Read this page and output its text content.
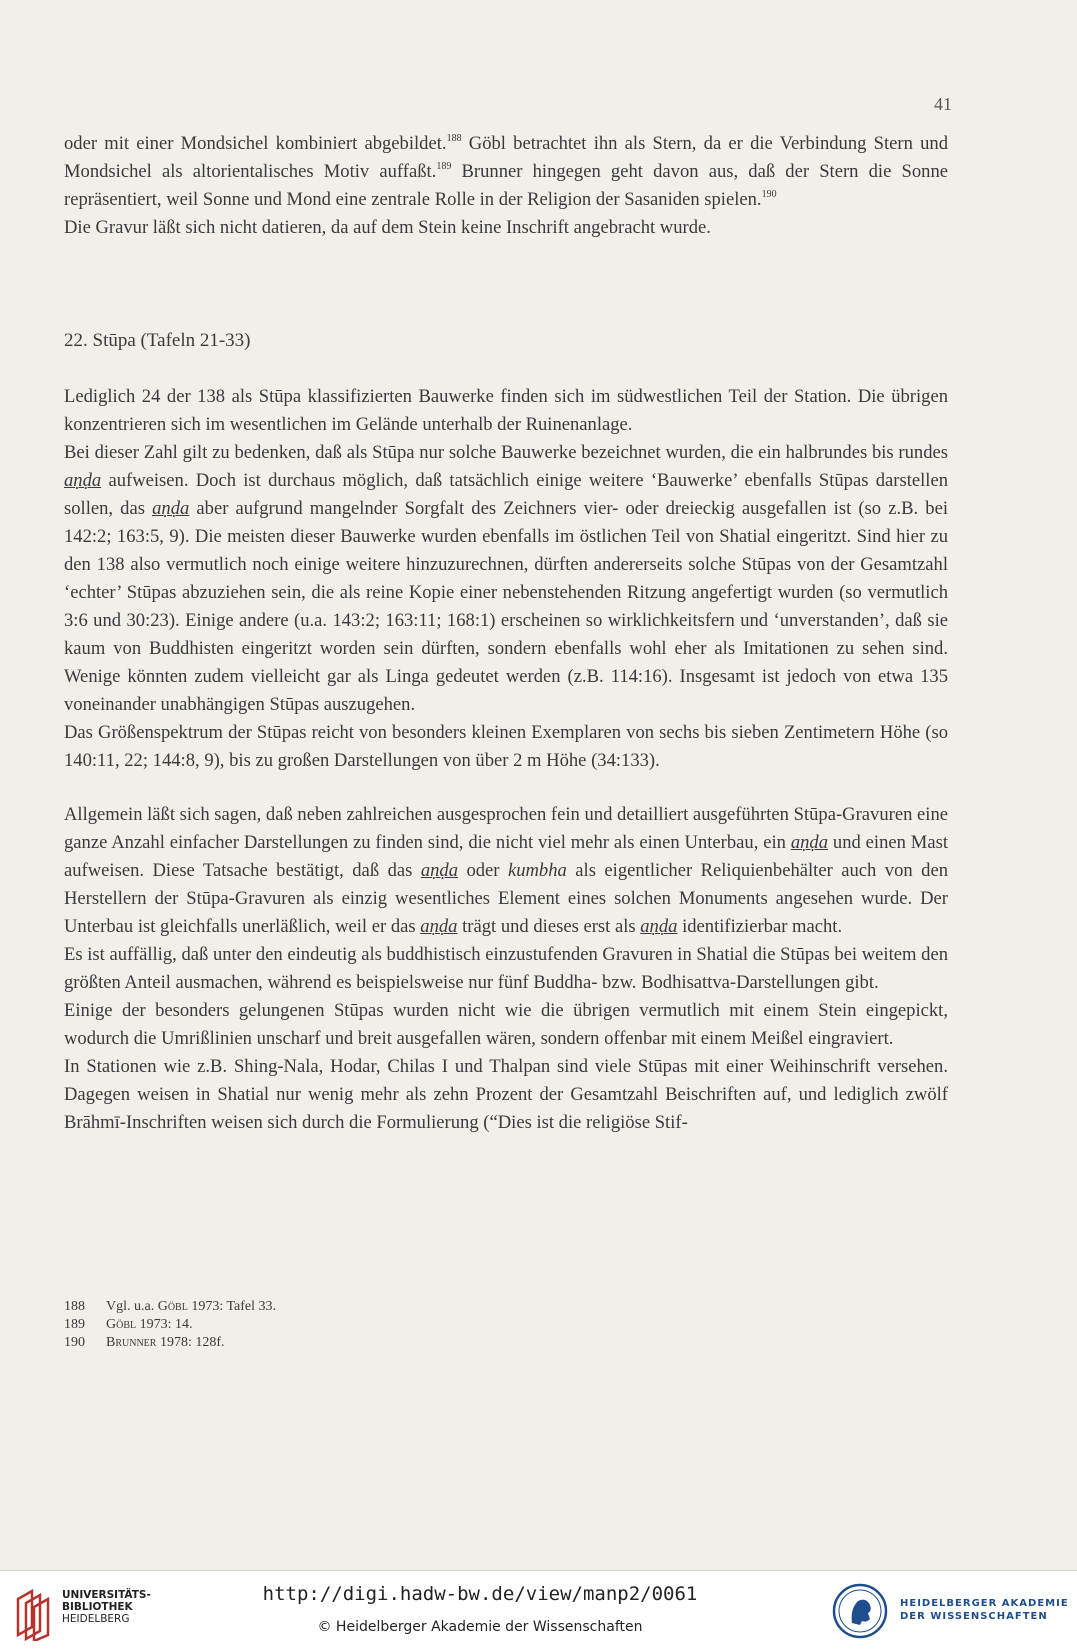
41

oder mit einer Mondsichel kombiniert abgebildet.$^{188}$ Göbl betrachtet ihn als Stern, da er die Verbindung Stern und Mondsichel als altorientalisches Motiv auffaßt.$^{189}$ Brunner hingegen geht davon aus, daß der Stern die Sonne repräsentiert, weil Sonne und Mond eine zentrale Rolle in der Religion der Sasaniden spielen.$^{190}$

Die Gravur läßt sich nicht datieren, da auf dem Stein keine Inschrift angebracht wurde.

22. Stūpa (Tafeln 21-33)

Lediglich 24 der 138 als Stūpa klassifizierten Bauwerke finden sich im südwestlichen Teil der Station. Die übrigen konzentrieren sich im wesentlichen im Gelände unterhalb der Ruinenanlage.

Bei dieser Zahl gilt zu bedenken, daß als Stūpa nur solche Bauwerke bezeichnet wurden, die ein halbrundes bis rundes aṇḍa aufweisen. Doch ist durchaus möglich, daß tatsächlich einige weitere ‘Bauwerke’ ebenfalls Stūpas darstellen sollen, das aṇḍa aber aufgrund mangelnder Sorgfalt des Zeichners vier- oder dreieckig ausgefallen ist (so z.B. bei 142:2; 163:5, 9). Die meisten dieser Bauwerke wurden ebenfalls im östlichen Teil von Shatial eingeritzt. Sind hier zu den 138 also vermutlich noch einige weitere hinzuzurechnen, dürften andererseits solche Stūpas von der Gesamtzahl ‘echter’ Stūpas abzuziehen sein, die als reine Kopie einer nebenstehenden Ritzung angefertigt wurden (so vermutlich 3:6 und 30:23). Einige andere (u.a. 143:2; 163:11; 168:1) erscheinen so wirklichkeitsfern und ‘unverstanden’, daß sie kaum von Buddhisten eingeritzt worden sein dürften, sondern ebenfalls wohl eher als Imitationen zu sehen sind. Wenige könnten zudem vielleicht gar als Linga gedeutet werden (z.B. 114:16). Insgesamt ist jedoch von etwa 135 voneinander unabhängigen Stūpas auszugehen.

Das Größenspektrum der Stūpas reicht von besonders kleinen Exemplaren von sechs bis sieben Zentimetern Höhe (so 140:11, 22; 144:8, 9), bis zu großen Darstellungen von über 2 m Höhe (34:133).

Allgemein läßt sich sagen, daß neben zahlreichen ausgesprochen fein und detailliert ausgeführten Stūpa-Gravuren eine ganze Anzahl einfacher Darstellungen zu finden sind, die nicht viel mehr als einen Unterbau, ein aṇḍa und einen Mast aufweisen. Diese Tatsache bestätigt, daß das aṇḍa oder kumbha als eigentlicher Reliquienbehälter auch von den Herstellern der Stūpa-Gravuren als einzig wesentliches Element eines solchen Monuments angesehen wurde. Der Unterbau ist gleichfalls unerläßlich, weil er das aṇḍa trägt und dieses erst als aṇḍa identifizierbar macht.

Es ist auffällig, daß unter den eindeutig als buddhistisch einzustufenden Gravuren in Shatial die Stūpas bei weitem den größten Anteil ausmachen, während es beispielsweise nur fünf Buddha- bzw. Bodhisattva-Darstellungen gibt.

Einige der besonders gelungenen Stūpas wurden nicht wie die übrigen vermutlich mit einem Stein eingepickt, wodurch die Umrißlinien unscharf und breit ausgefallen wären, sondern offenbar mit einem Meißel eingraviert.

In Stationen wie z.B. Shing-Nala, Hodar, Chilas I und Thalpan sind viele Stūpas mit einer Weihinschrift versehen. Dagegen weisen in Shatial nur wenig mehr als zehn Prozent der Gesamtzahl Beischriften auf, und lediglich zwölf Brāhmī-Inschriften weisen sich durch die Formulierung (“Dies ist die religiöse Stif-

188	Vgl. u.a. Göbl 1973: Tafel 33.
189	Göbl 1973: 14.
190	Brunner 1978: 128f.
UNIVERSITÄTS-
BIBLIOTHEK
HEIDELBERG
http://digi.hadw-bw.de/view/manp2/0061
© Heidelberger Akademie der Wissenschaften
HEIDELBERGER AKADEMIE
DER WISSENSCHAFTEN
